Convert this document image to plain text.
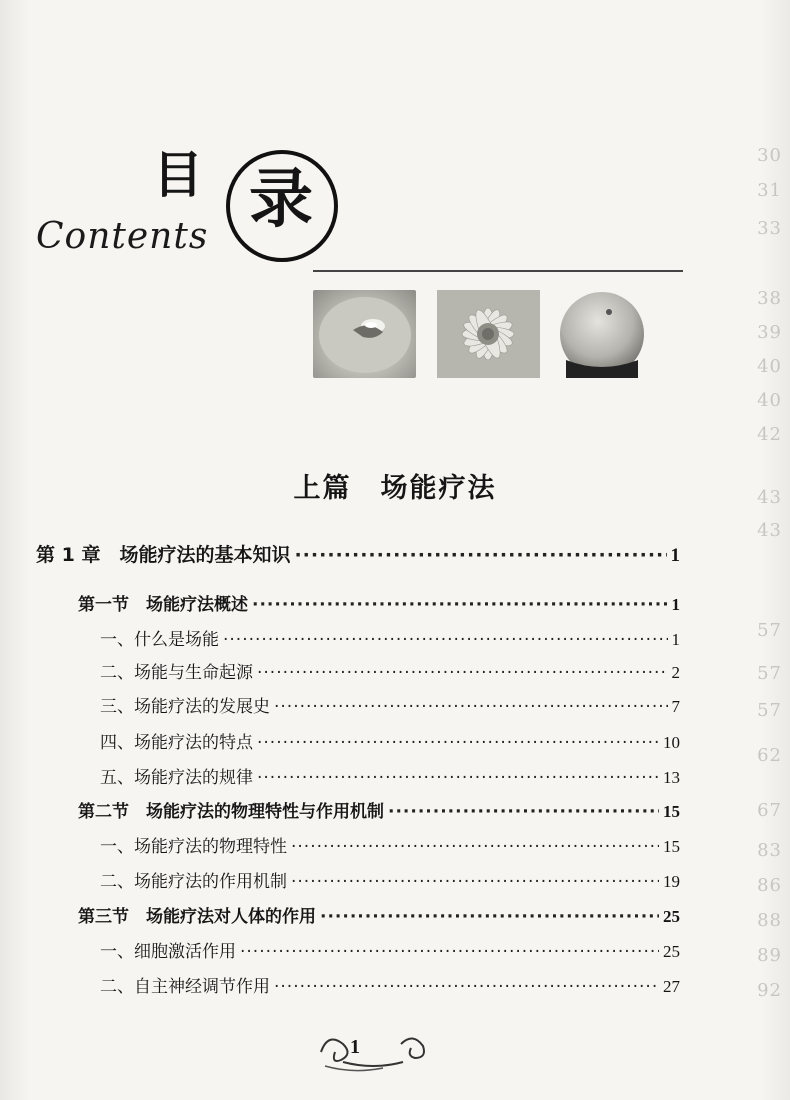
30
31
33
38
39
40
40
42
43
43
57
57
57
62
67
83
86
88
89
92
目 录
Contents
上篇　场能疗法
第 1 章　场能疗法的基本知识 ·····	1
第一节　场能疗法概述 ·····	1
一、什么是场能 ·····	1
二、场能与生命起源 ·····	2
三、场能疗法的发展史 ·····	7
四、场能疗法的特点 ·····	10
五、场能疗法的规律 ·····	13
第二节　场能疗法的物理特性与作用机制 ·····	15
一、场能疗法的物理特性 ·····	15
二、场能疗法的作用机制 ·····	19
第三节　场能疗法对人体的作用 ·····	25
一、细胞激活作用 ·····	25
二、自主神经调节作用 ·····	27
1
